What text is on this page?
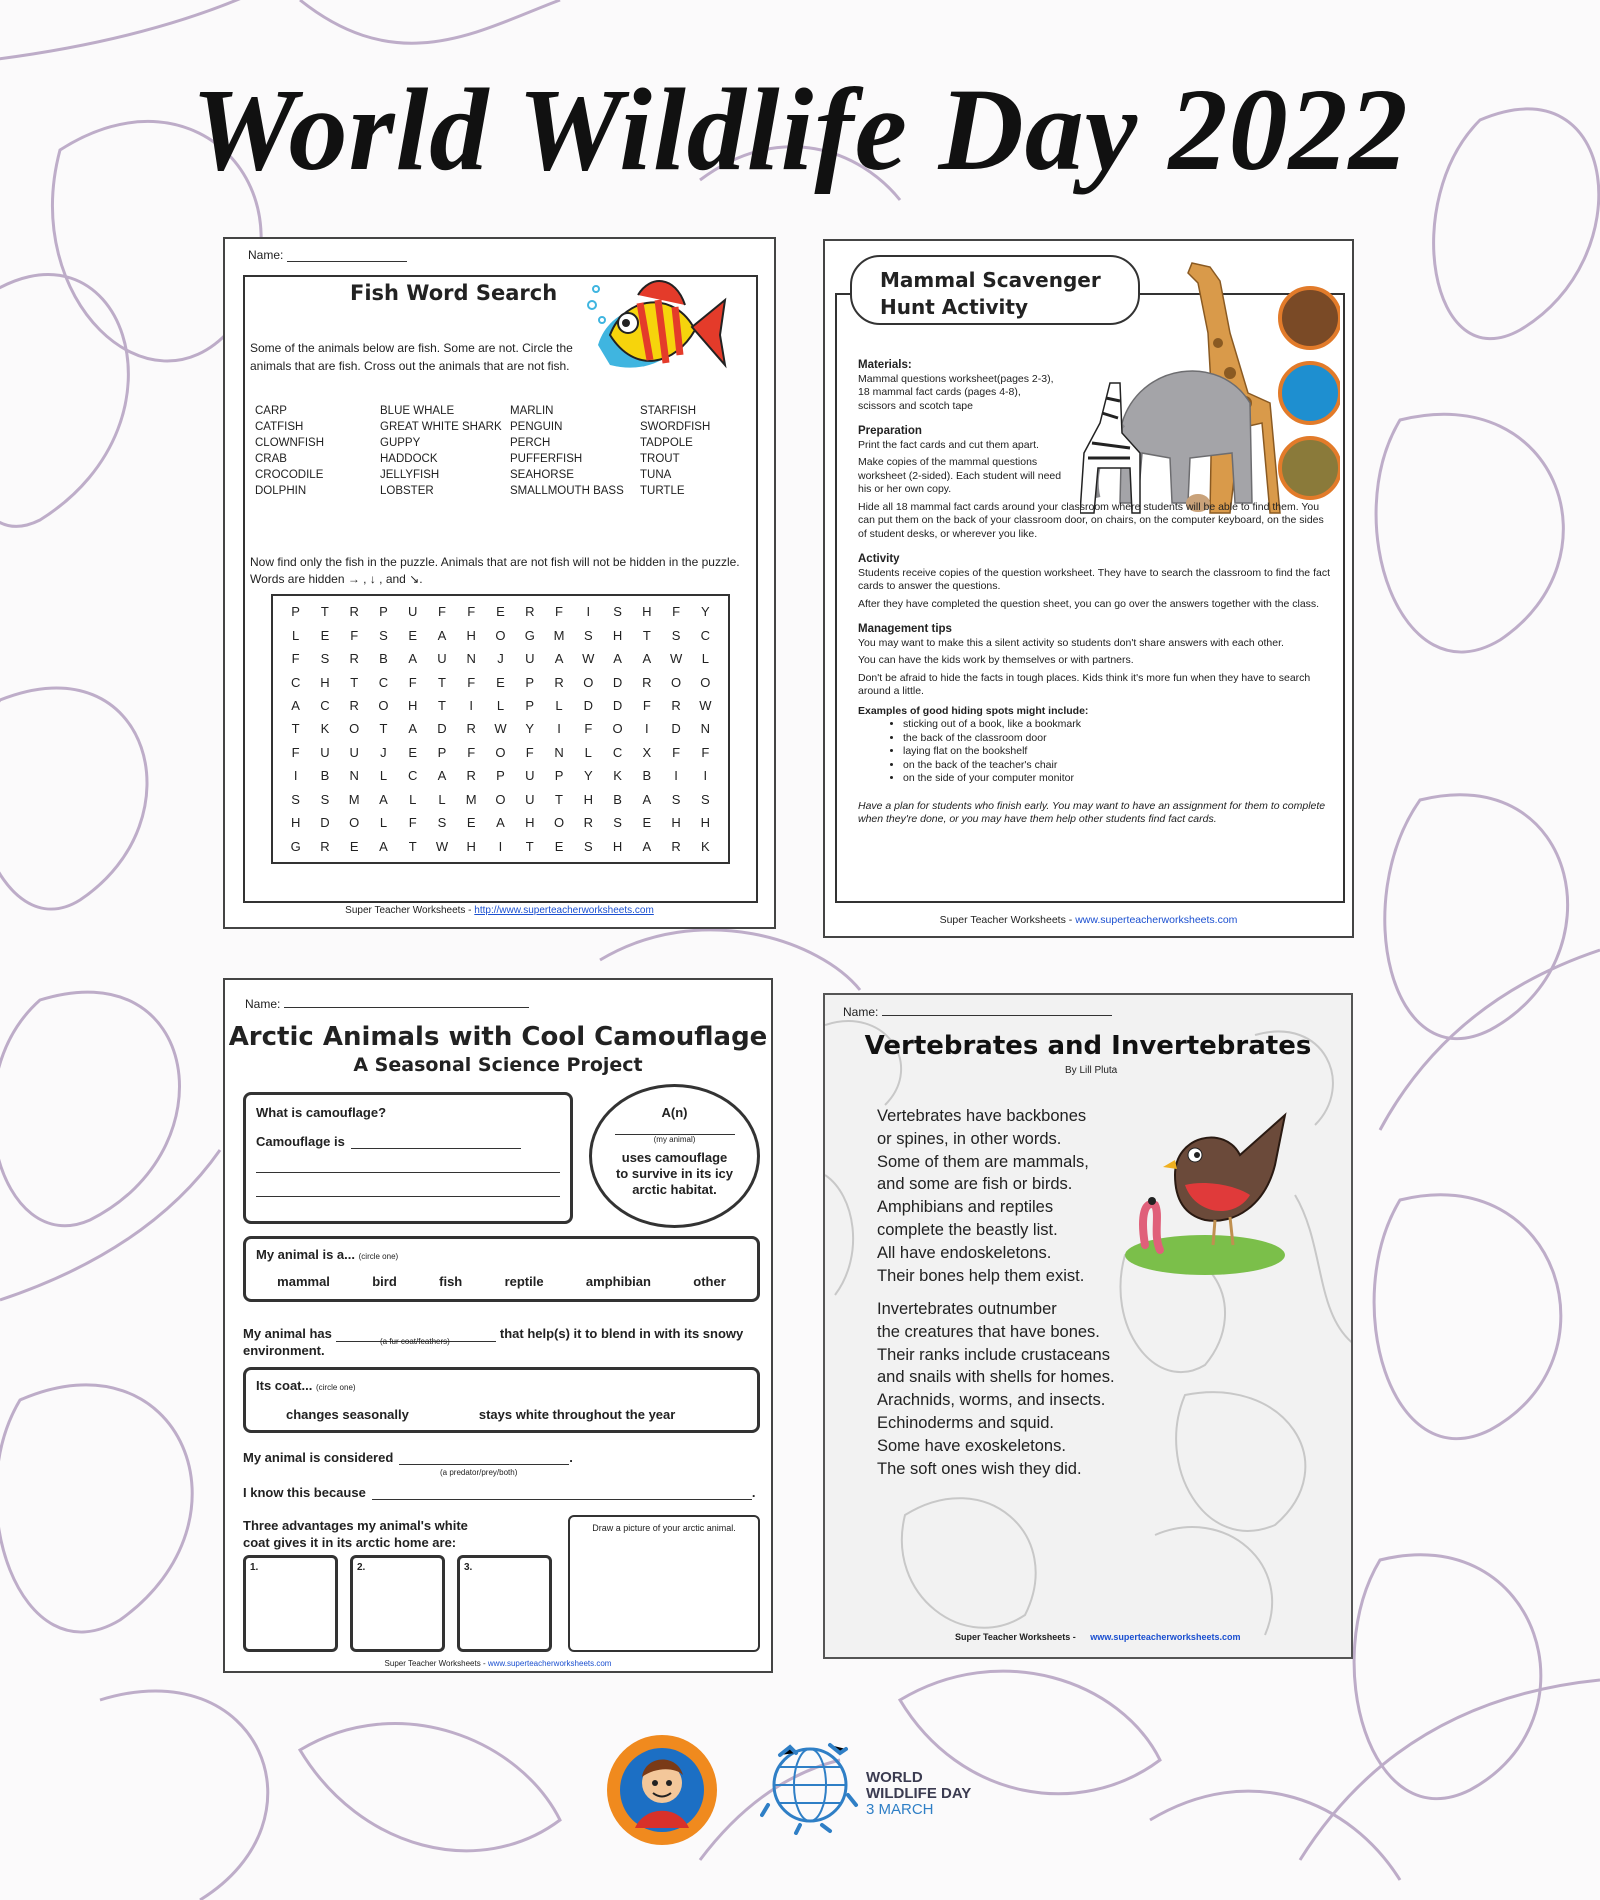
World Wildlife Day 2022
Name:
Fish Word Search
Some of the animals below are fish. Some are not. Circle the animals that are fish. Cross out the animals that are not fish.
CARP	BLUE WHALE	MARLIN	STARFISH
CATFISH	GREAT WHITE SHARK PENGUIN	SWORDFISH
CLOWNFISH	GUPPY	PERCH	TADPOLE
CRAB	HADDOCK	PUFFERFISH	TROUT
CROCODILE	JELLYFISH	SEAHORSE	TUNA
DOLPHIN	LOBSTER	SMALLMOUTH BASS	TURTLE
Now find only the fish in the puzzle. Animals that are not fish will not be hidden in the puzzle. Words are hidden → , ↓ , and ↘.
P	T	R	P	U	F	F	E	R	F	I	S	H	F	Y
L	E	F	S	E	A	H	O	G	M	S	H	T	S	C
F	S	R	B	A	U	N	J	U	A	W	A	A	W	L
C	H	T	C	F	T	F	E	P	R	O	D	R	O	O
A	C	R	O	H	T	I	L	P	L	D	D	F	R	W
T	K	O	T	A	D	R	W	Y	I	F	O	I	D	N
F	U	U	J	E	P	F	O	F	N	L	C	X	F	F
I	B	N	L	C	A	R	P	U	P	Y	K	B	I	I
S	S	M	A	L	L	M	O	U	T	H	B	A	S	S
H	D	O	L	F	S	E	A	H	O	R	S	E	H	H
G	R	E	A	T	W	H	I	T	E	S	H	A	R	K
Super Teacher Worksheets - http://www.superteacherworksheets.com
Mammal Scavenger
Hunt Activity
Materials:
Mammal questions worksheet(pages 2-3),
18 mammal fact cards (pages 4-8),
scissors and scotch tape
Preparation
Print the fact cards and cut them apart.

Make copies of the mammal questions worksheet (2-sided). Each student will need his or her own copy.

Hide all 18 mammal fact cards around your classroom where students will be able to find them. You can put them on the back of your classroom door, on chairs, on the computer keyboard, on the sides of student desks, or wherever you like.

Activity
Students receive copies of the question worksheet. They have to search the classroom to find the fact cards to answer the questions.

After they have completed the question sheet, you can go over the answers together with the class.

Management tips
You may want to make this a silent activity so students don't share answers with each other.

You can have the kids work by themselves or with partners.

Don't be afraid to hide the facts in tough places. Kids think it's more fun when they have to search around a little.

Examples of good hiding spots might include:
• sticking out of a book, like a bookmark
• the back of the classroom door
• laying flat on the bookshelf
• on the back of the teacher's chair
• on the side of your computer monitor
Have a plan for students who finish early. You may want to have an assignment for them to complete when they're done, or you may have them help other students find fact cards.
Super Teacher Worksheets - www.superteacherworksheets.com
Name:
Arctic Animals with Cool Camouflage
A Seasonal Science Project
What is camouflage?
Camouflage is
A(n)
(my animal)
uses camouflage to survive in its icy arctic habitat.
My animal is a... (circle one)
mammal	bird	fish	reptile	amphibian	other
My animal has	that help(s) it to blend in with its snowy
environment.
(a fur coat/feathers)
Its coat... (circle one)
changes seasonally	stays white throughout the year
My animal is considered	.
(a predator/prey/both)
I know this because	.
Three advantages my animal's white coat gives it in its arctic home are:
1.	2.	3.
Draw a picture of your arctic animal.
Super Teacher Worksheets - www.superteacherworksheets.com
Name:
Vertebrates and Invertebrates
By Lill Pluta
Vertebrates have backbones
or spines, in other words.
Some of them are mammals,
and some are fish or birds.
Amphibians and reptiles
complete the beastly list.
All have endoskeletons.
Their bones help them exist.
Invertebrates outnumber
the creatures that have bones.
Their ranks include crustaceans
and snails with shells for homes.
Arachnids, worms, and insects.
Echinoderms and squid.
Some have exoskeletons.
The soft ones wish they did.
Super Teacher Worksheets - www.superteacherworksheets.com
WORLD
WILDLIFE DAY
3 MARCH
